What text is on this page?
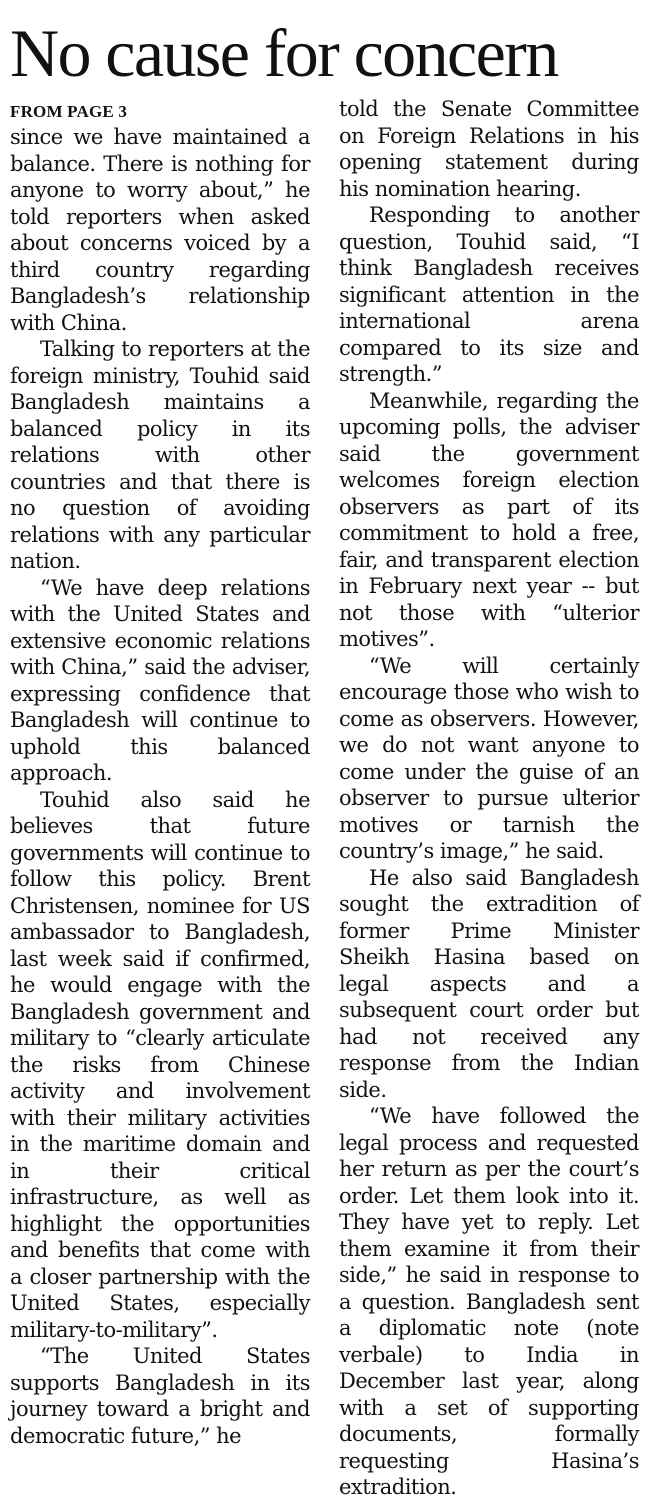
No cause for concern
FROM PAGE 3

since we have maintained a balance. There is nothing for anyone to worry about,” he told reporters when asked about concerns voiced by a third country regarding Bangladesh’s relationship with China.

Talking to reporters at the foreign ministry, Touhid said Bangladesh maintains a balanced policy in its relations with other countries and that there is no question of avoiding relations with any particular nation.

“We have deep relations with the United States and extensive economic relations with China,” said the adviser, expressing confidence that Bangladesh will continue to uphold this balanced approach.

Touhid also said he believes that future governments will continue to follow this policy. Brent Christensen, nominee for US ambassador to Bangladesh, last week said if confirmed, he would engage with the Bangladesh government and military to “clearly articulate the risks from Chinese activity and involvement with their military activities in the maritime domain and in their critical infrastructure, as well as highlight the opportunities and benefits that come with a closer partnership with the United States, especially military-to-military”.

“The United States supports Bangladesh in its journey toward a bright and democratic future,” he

told the Senate Committee on Foreign Relations in his opening statement during his nomination hearing.

Responding to another question, Touhid said, “I think Bangladesh receives significant attention in the international arena compared to its size and strength.”

Meanwhile, regarding the upcoming polls, the adviser said the government welcomes foreign election observers as part of its commitment to hold a free, fair, and transparent election in February next year -- but not those with “ulterior motives”.

“We will certainly encourage those who wish to come as observers. However, we do not want anyone to come under the guise of an observer to pursue ulterior motives or tarnish the country’s image,” he said.

He also said Bangladesh sought the extradition of former Prime Minister Sheikh Hasina based on legal aspects and a subsequent court order but had not received any response from the Indian side.

“We have followed the legal process and requested her return as per the court’s order. Let them look into it. They have yet to reply. Let them examine it from their side,” he said in response to a question. Bangladesh sent a diplomatic note (note verbale) to India in December last year, along with a set of supporting documents, formally requesting Hasina’s extradition.
